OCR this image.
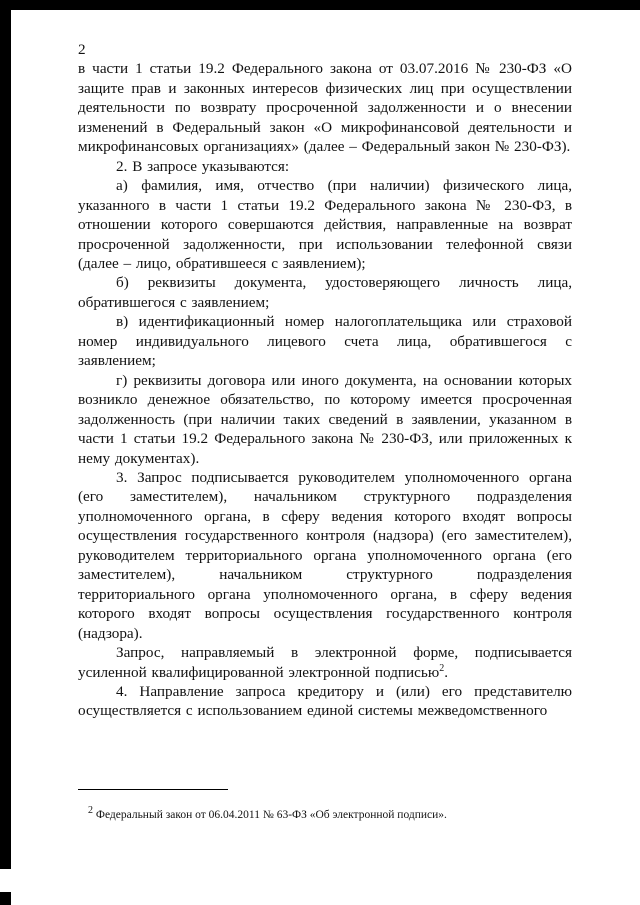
2

в части 1 статьи 19.2 Федерального закона от 03.07.2016 № 230-ФЗ «О защите прав и законных интересов физических лиц при осуществлении деятельности по возврату просроченной задолженности и о внесении изменений в Федеральный закон «О микрофинансовой деятельности и микрофинансовых организациях» (далее – Федеральный закон № 230-ФЗ).

2. В запросе указываются:

а) фамилия, имя, отчество (при наличии) физического лица, указанного в части 1 статьи 19.2 Федерального закона № 230-ФЗ, в отношении которого совершаются действия, направленные на возврат просроченной задолженности, при использовании телефонной связи (далее – лицо, обратившееся с заявлением);

б) реквизиты документа, удостоверяющего личность лица, обратившегося с заявлением;

в) идентификационный номер налогоплательщика или страховой номер индивидуального лицевого счета лица, обратившегося с заявлением;

г) реквизиты договора или иного документа, на основании которых возникло денежное обязательство, по которому имеется просроченная задолженность (при наличии таких сведений в заявлении, указанном в части 1 статьи 19.2 Федерального закона № 230-ФЗ, или приложенных к нему документах).

3. Запрос подписывается руководителем уполномоченного органа (его заместителем), начальником структурного подразделения уполномоченного органа, в сферу ведения которого входят вопросы осуществления государственного контроля (надзора) (его заместителем), руководителем территориального органа уполномоченного органа (его заместителем), начальником структурного подразделения территориального органа уполномоченного органа, в сферу ведения которого входят вопросы осуществления государственного контроля (надзора).

Запрос, направляемый в электронной форме, подписывается усиленной квалифицированной электронной подписью$^2$.

4. Направление запроса кредитору и (или) его представителю осуществляется с использованием единой системы межведомственного

$^2$ Федеральный закон от 06.04.2011 № 63-ФЗ «Об электронной подписи».
